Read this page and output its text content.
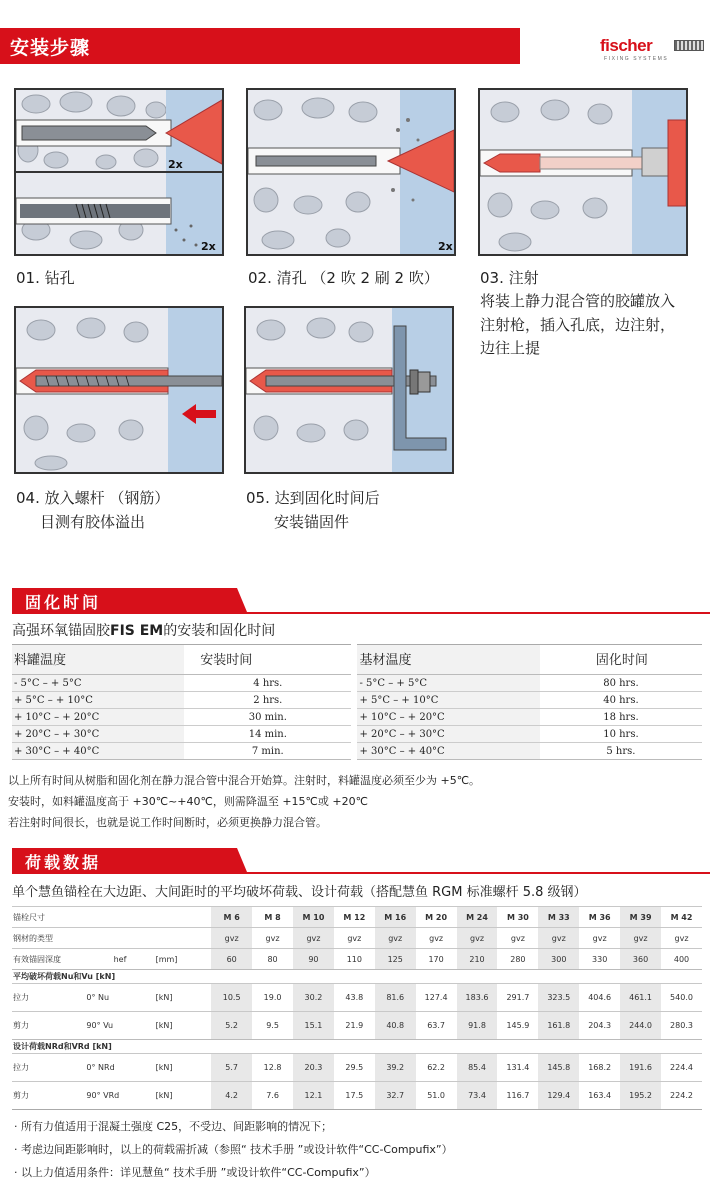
安装步骤	fischer
FIXING SYSTEMS
2x
2x
01. 钻孔
2x
02. 清孔 （2 吹 2 刷 2 吹）	03. 注射
将装上静力混合管的胶罐放入
注射枪，插入孔底，边注射，
边往上提
04. 放入螺杆 （钢筋）
目测有胶体溢出
05. 达到固化时间后
安装锚固件
固化时间
高强环氧锚固胶FIS EM的安装和固化时间
料罐温度	安装时间		基材温度	固化时间
- 5°C – + 5°C	4 hrs.		- 5°C – + 5°C	80 hrs.
+ 5°C – + 10°C	2 hrs.		+ 5°C – + 10°C	40 hrs.
+ 10°C – + 20°C	30 min.		+ 10°C – + 20°C	18 hrs.
+ 20°C – + 30°C	14 min.		+ 20°C – + 30°C	10 hrs.
+ 30°C – + 40°C	7 min.		+ 30°C – + 40°C	5 hrs.
以上所有时间从树脂和固化剂在静力混合管中混合开始算。注射时，料罐温度必须至少为 +5℃。
安装时，如料罐温度高于 +30℃~+40℃，则需降温至 +15℃或 +20℃
若注射时间很长，也就是说工作时间断时，必须更换静力混合管。
荷载数据
单个慧鱼锚栓在大边距、大间距时的平均破坏荷载、设计荷载（搭配慧鱼 RGM 标准螺杆 5.8 级钢）
锚栓尺寸			M 6	M 8	M 10	M 12	M 16	M 20	M 24	M 30	M 33	M 36	M 39	M 42
钢材的类型			gvz	gvz	gvz	gvz	gvz	gvz	gvz	gvz	gvz	gvz	gvz	gvz
有效锚固深度	hef	[mm]	60	80	90	110	125	170	210	280	300	330	360	400
平均破坏荷载Nu和Vu [kN]														
拉力	0° Nu	[kN]	10.5	19.0	30.2	43.8	81.6	127.4	183.6	291.7	323.5	404.6	461.1	540.0
剪力	90° Vu	[kN]	5.2	9.5	15.1	21.9	40.8	63.7	91.8	145.9	161.8	204.3	244.0	280.3
设计荷载NRd和VRd [kN]														
拉力	0° NRd	[kN]	5.7	12.8	20.3	29.5	39.2	62.2	85.4	131.4	145.8	168.2	191.6	224.4
剪力	90° VRd	[kN]	4.2	7.6	12.1	17.5	32.7	51.0	73.4	116.7	129.4	163.4	195.2	224.2
· 所有力值适用于混凝土强度 C25，不受边、间距影响的情况下；
· 考虑边间距影响时，以上的荷载需折减（参照“ 技术手册 ”或设计软件“CC-Compufix”）
· 以上力值适用条件：详见慧鱼“ 技术手册 ”或设计软件“CC-Compufix”）
